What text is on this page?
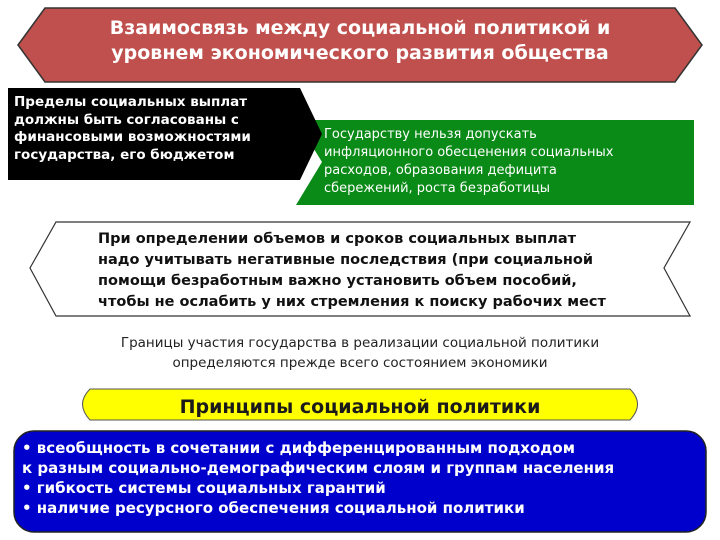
Взаимосвязь между социальной политикой и
уровнем экономического развития общества
Пределы социальных выплат
должны быть согласованы с
финансовыми возможностями
государства, его бюджетом
Государству нельзя допускать
инфляционного обесценения социальных
расходов, образования дефицита
сбережений, роста безработицы
При определении объемов и сроков социальных выплат
надо учитывать негативные последствия (при социальной
помощи безработным важно установить объем пособий,
чтобы не ослабить у них стремления к поиску рабочих мест
Границы участия государства в реализации социальной политики
определяются прежде всего состоянием экономики
Принципы социальной политики
• всеобщность в сочетании с дифференцированным подходом
к разным социально-демографическим слоям и группам населения
• гибкость системы социальных гарантий
• наличие ресурсного обеспечения социальной политики
